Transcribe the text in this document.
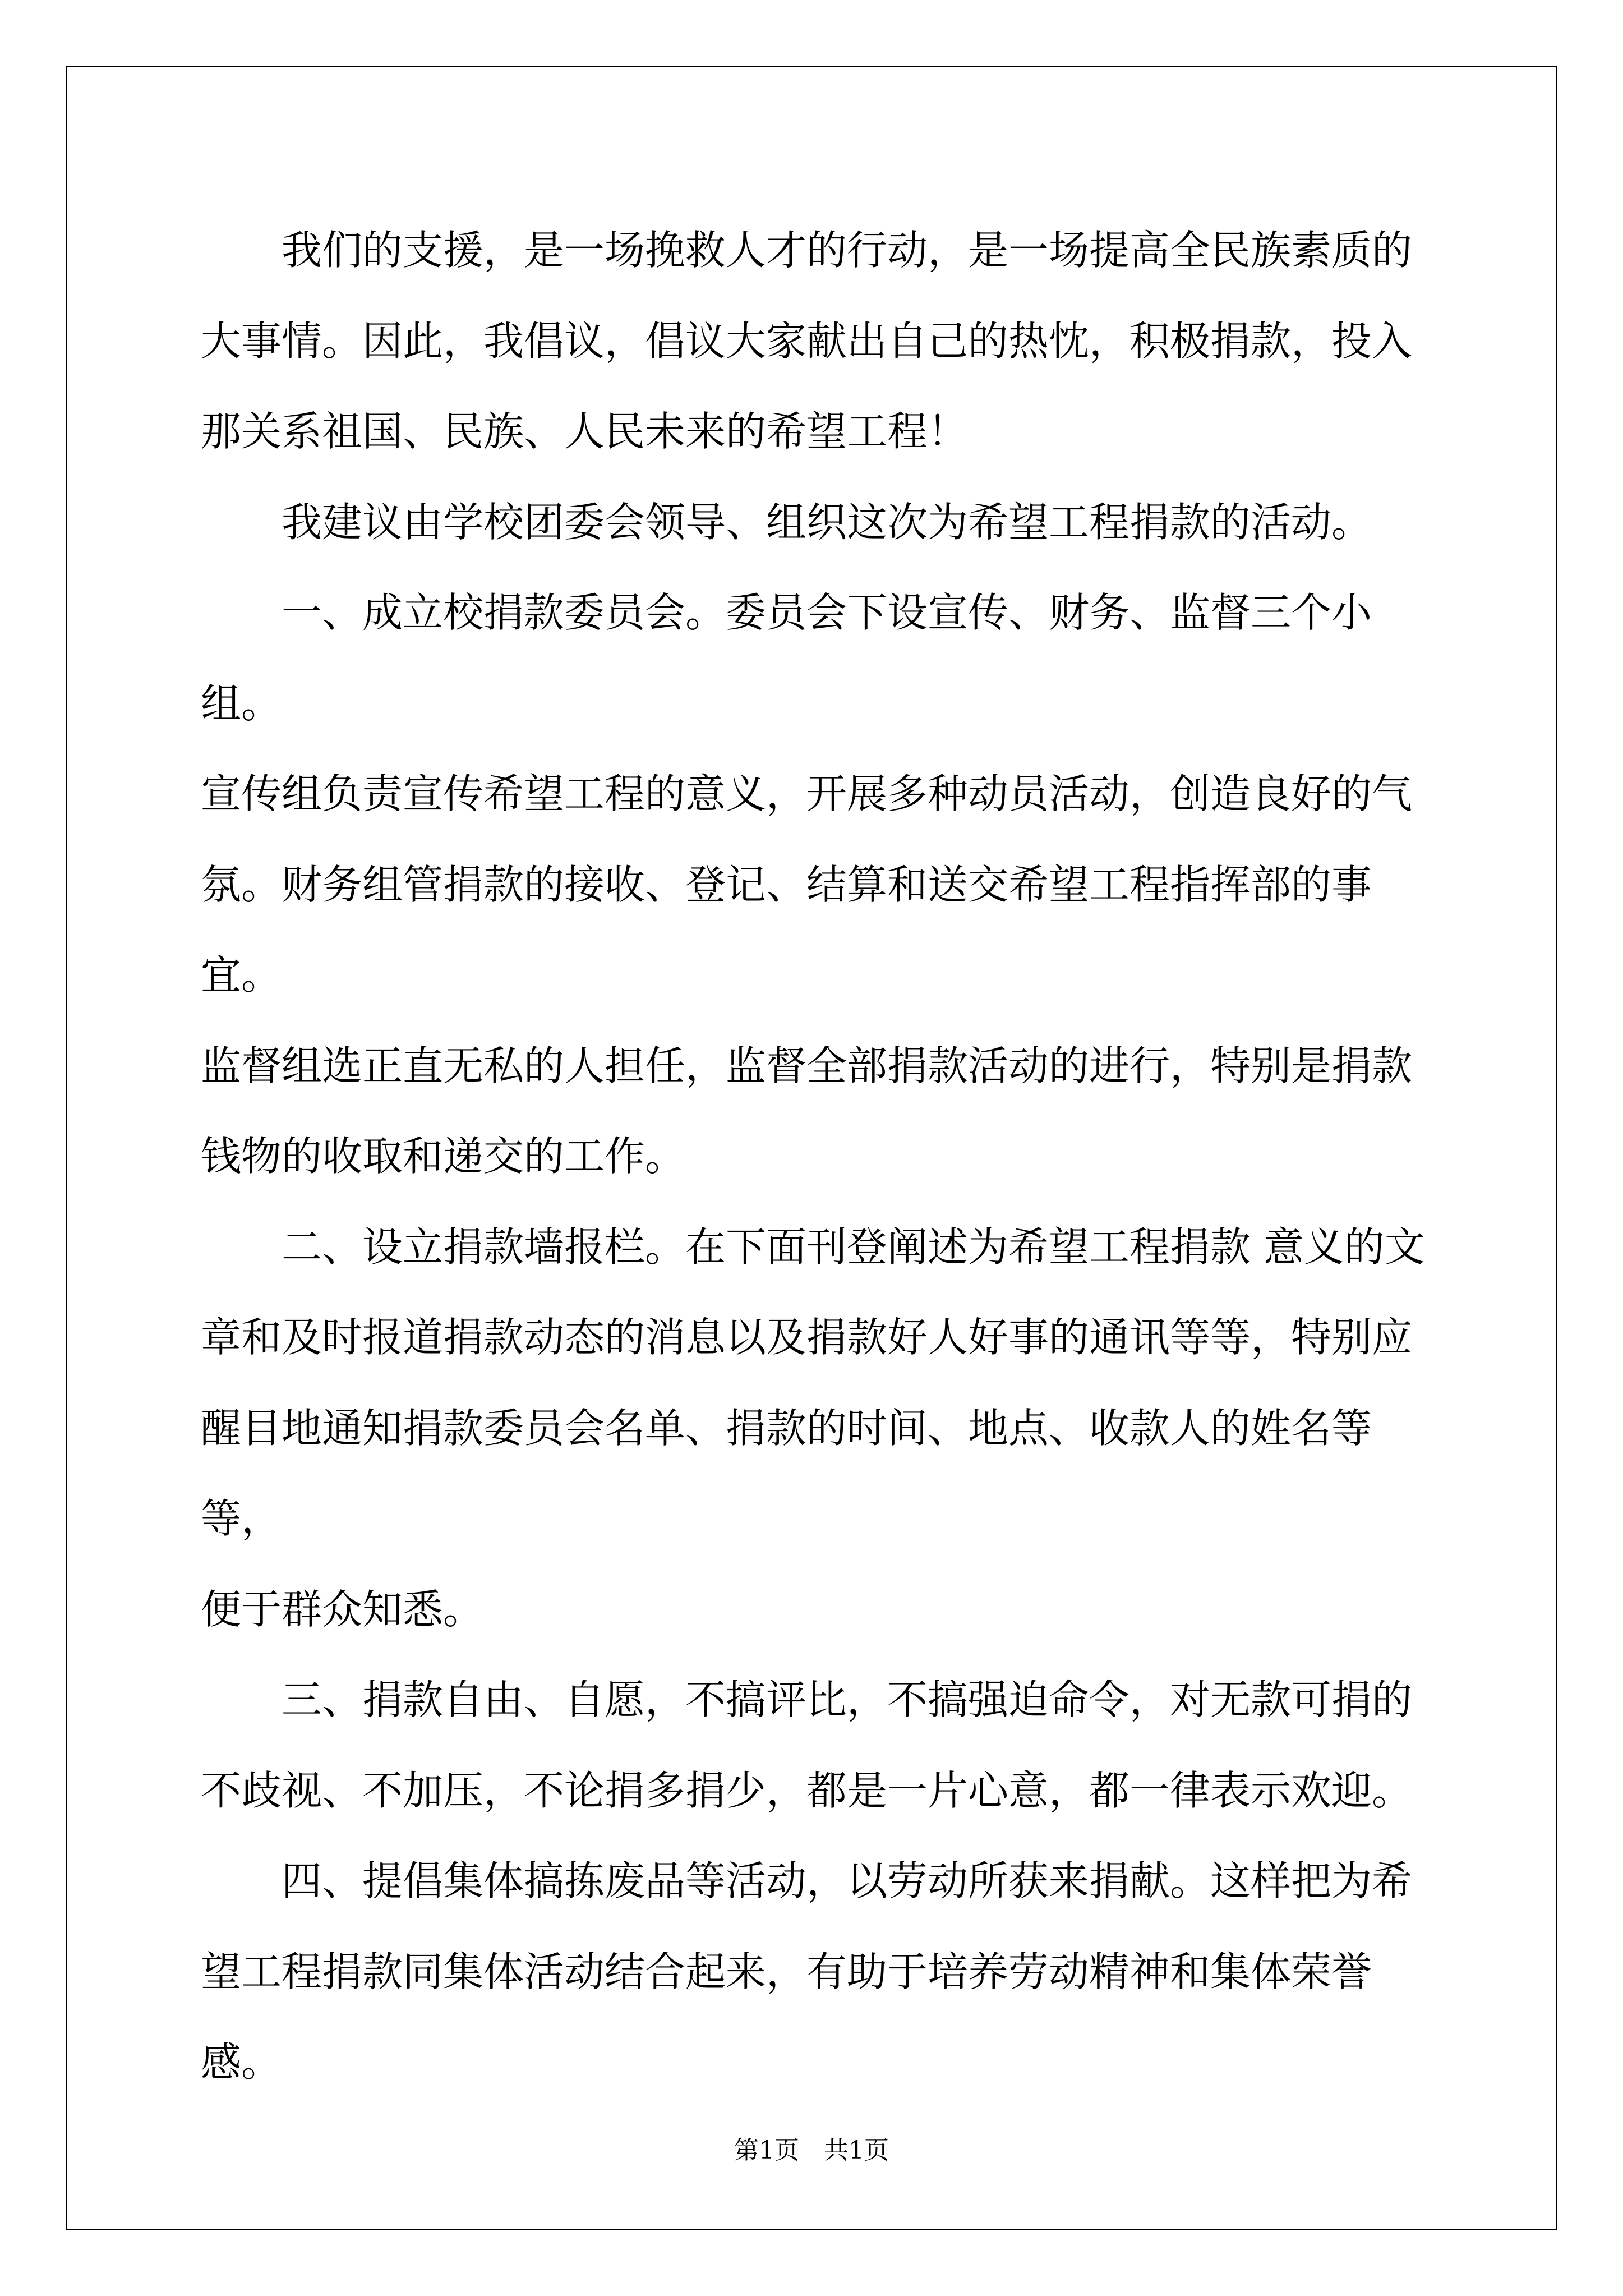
　　我们的支援，是一场挽救人才的行动，是一场提高全民族素质的

大事情。因此，我倡议，倡议大家献出自己的热忱，积极捐款，投入

那关系祖国、民族、人民未来的希望工程！

　　我建议由学校团委会领导、组织这次为希望工程捐款的活动。

　　一、成立校捐款委员会。委员会下设宣传、财务、监督三个小组。

宣传组负责宣传希望工程的意义，开展多种动员活动，创造良好的气

氛。财务组管捐款的接收、登记、结算和送交希望工程指挥部的事宜。

监督组选正直无私的人担任，监督全部捐款活动的进行，特别是捐款

钱物的收取和递交的工作。

　　二、设立捐款墙报栏。在下面刊登阐述为希望工程捐款 意义的文

章和及时报道捐款动态的消息以及捐款好人好事的通讯等等，特别应

醒目地通知捐款委员会名单、捐款的时间、地点、收款人的姓名等等，

便于群众知悉。

　　三、捐款自由、自愿，不搞评比，不搞强迫命令，对无款可捐的

不歧视、不加压，不论捐多捐少，都是一片心意，都一律表示欢迎。

　　四、提倡集体搞拣废品等活动，以劳动所获来捐献。这样把为希

望工程捐款同集体活动结合起来，有助于培养劳动精神和集体荣誉感。

第1页　共1页
